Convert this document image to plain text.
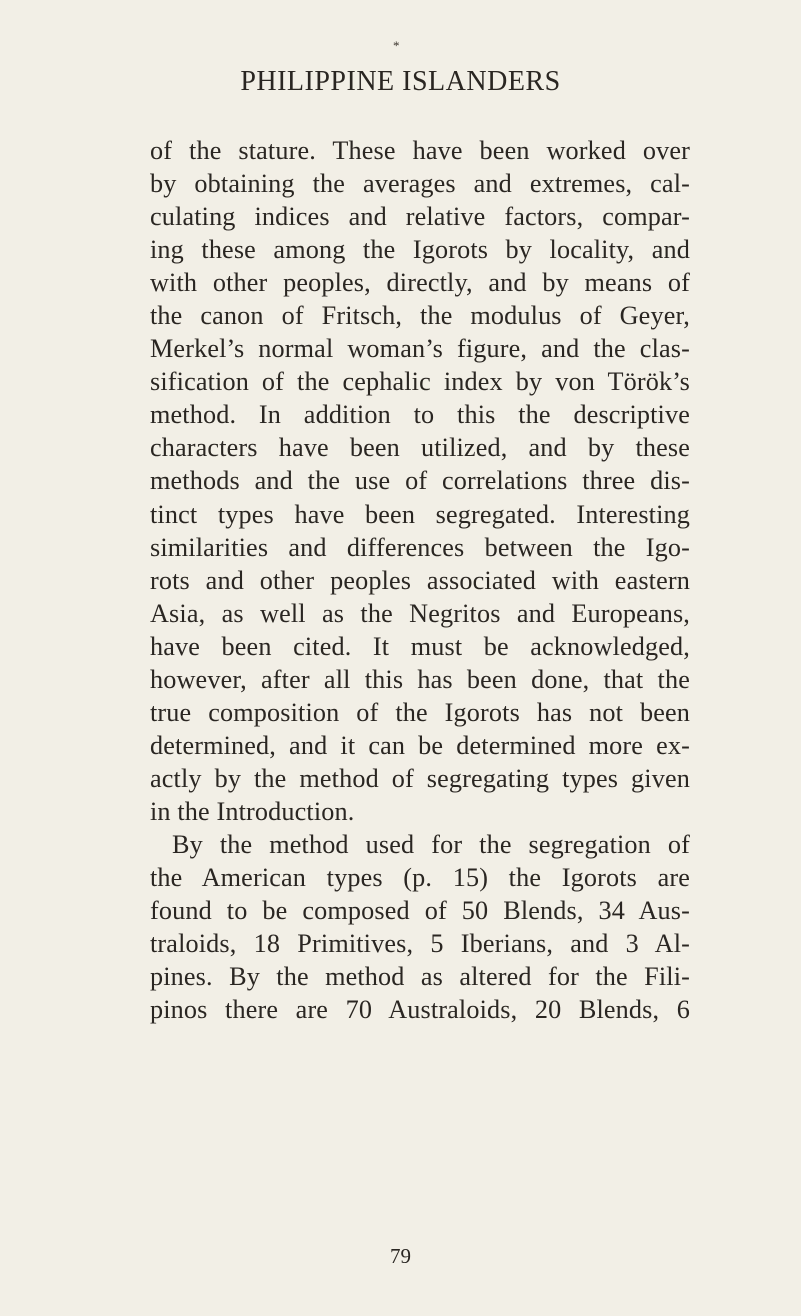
*
PHILIPPINE ISLANDERS
of the stature. These have been worked over
by obtaining the averages and extremes, cal-
culating indices and relative factors, compar-
ing these among the Igorots by locality, and
with other peoples, directly, and by means of
the canon of Fritsch, the modulus of Geyer,
Merkel’s normal woman’s figure, and the clas-
sification of the cephalic index by von Török’s
method. In addition to this the descriptive
characters have been utilized, and by these
methods and the use of correlations three dis-
tinct types have been segregated. Interesting
similarities and differences between the Igo-
rots and other peoples associated with eastern
Asia, as well as the Negritos and Europeans,
have been cited. It must be acknowledged,
however, after all this has been done, that the
true composition of the Igorots has not been
determined, and it can be determined more ex-
actly by the method of segregating types given
in the Introduction.
By the method used for the segregation of
the American types (p. 15) the Igorots are
found to be composed of 50 Blends, 34 Aus-
traloids, 18 Primitives, 5 Iberians, and 3 Al-
pines. By the method as altered for the Fili-
pinos there are 70 Australoids, 20 Blends, 6
79
